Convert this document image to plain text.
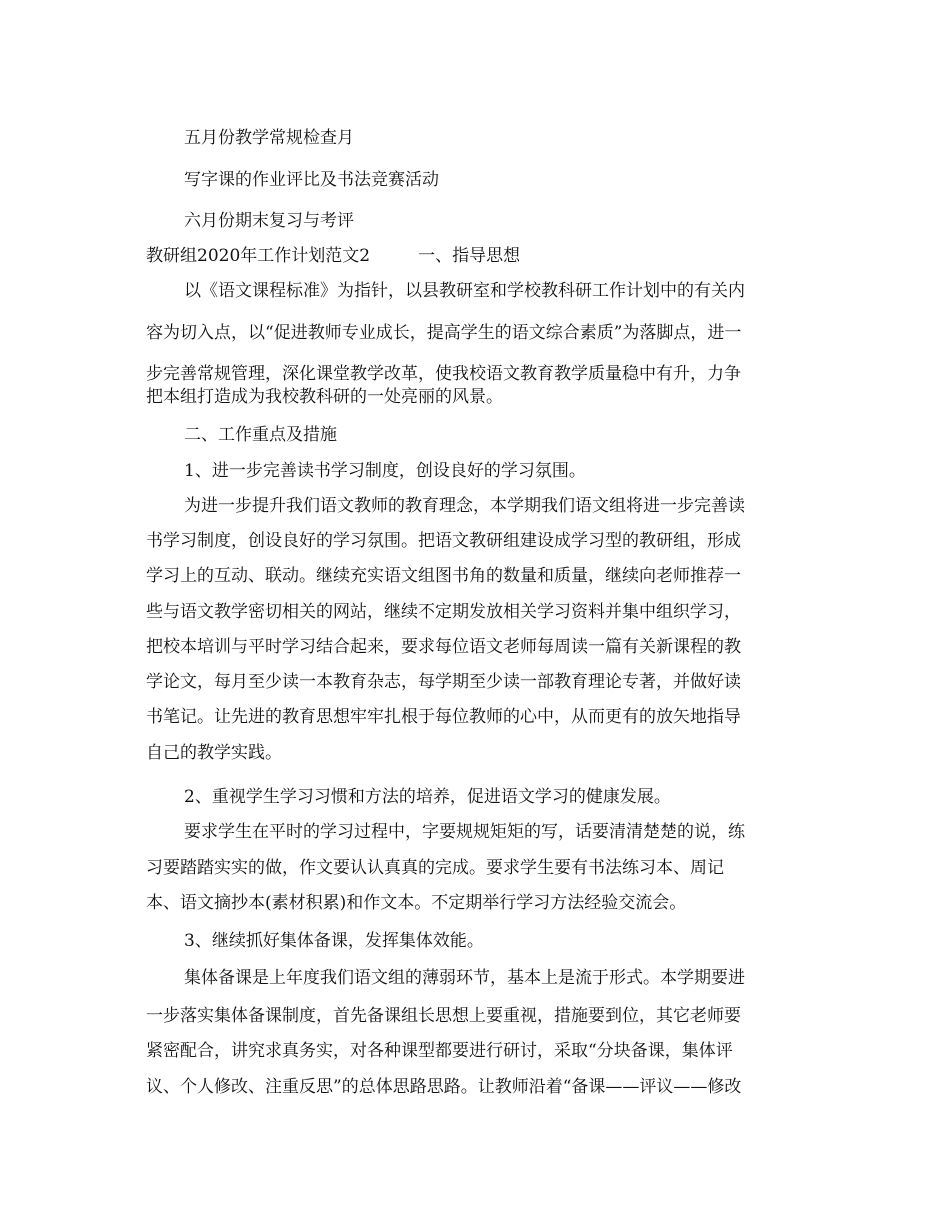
五月份教学常规检查月
写字课的作业评比及书法竞赛活动
六月份期末复习与考评
教研组2020年工作计划范文2	一、指导思想
以《语文课程标准》为指针，以县教研室和学校教科研工作计划中的有关内
容为切入点，以“促进教师专业成长，提高学生的语文综合素质”为落脚点，进一
步完善常规管理，深化课堂教学改革，使我校语文教育教学质量稳中有升，力争
把本组打造成为我校教科研的一处亮丽的风景。
二、工作重点及措施
1、进一步完善读书学习制度，创设良好的学习氛围。
为进一步提升我们语文教师的教育理念，本学期我们语文组将进一步完善读
书学习制度，创设良好的学习氛围。把语文教研组建设成学习型的教研组，形成
学习上的互动、联动。继续充实语文组图书角的数量和质量，继续向老师推荐一
些与语文教学密切相关的网站，继续不定期发放相关学习资料并集中组织学习，
把校本培训与平时学习结合起来，要求每位语文老师每周读一篇有关新课程的教
学论文，每月至少读一本教育杂志，每学期至少读一部教育理论专著，并做好读
书笔记。让先进的教育思想牢牢扎根于每位教师的心中，从而更有的放矢地指导
自己的教学实践。
2、重视学生学习习惯和方法的培养，促进语文学习的健康发展。
要求学生在平时的学习过程中，字要规规矩矩的写，话要清清楚楚的说，练
习要踏踏实实的做，作文要认认真真的完成。要求学生要有书法练习本、周记
本、语文摘抄本(素材积累)和作文本。不定期举行学习方法经验交流会。
3、继续抓好集体备课，发挥集体效能。
集体备课是上年度我们语文组的薄弱环节，基本上是流于形式。本学期要进
一步落实集体备课制度，首先备课组长思想上要重视，措施要到位，其它老师要
紧密配合，讲究求真务实，对各种课型都要进行研讨，采取“分块备课，集体评
议、个人修改、注重反思”的总体思路思路。让教师沿着“备课——评议——修改
